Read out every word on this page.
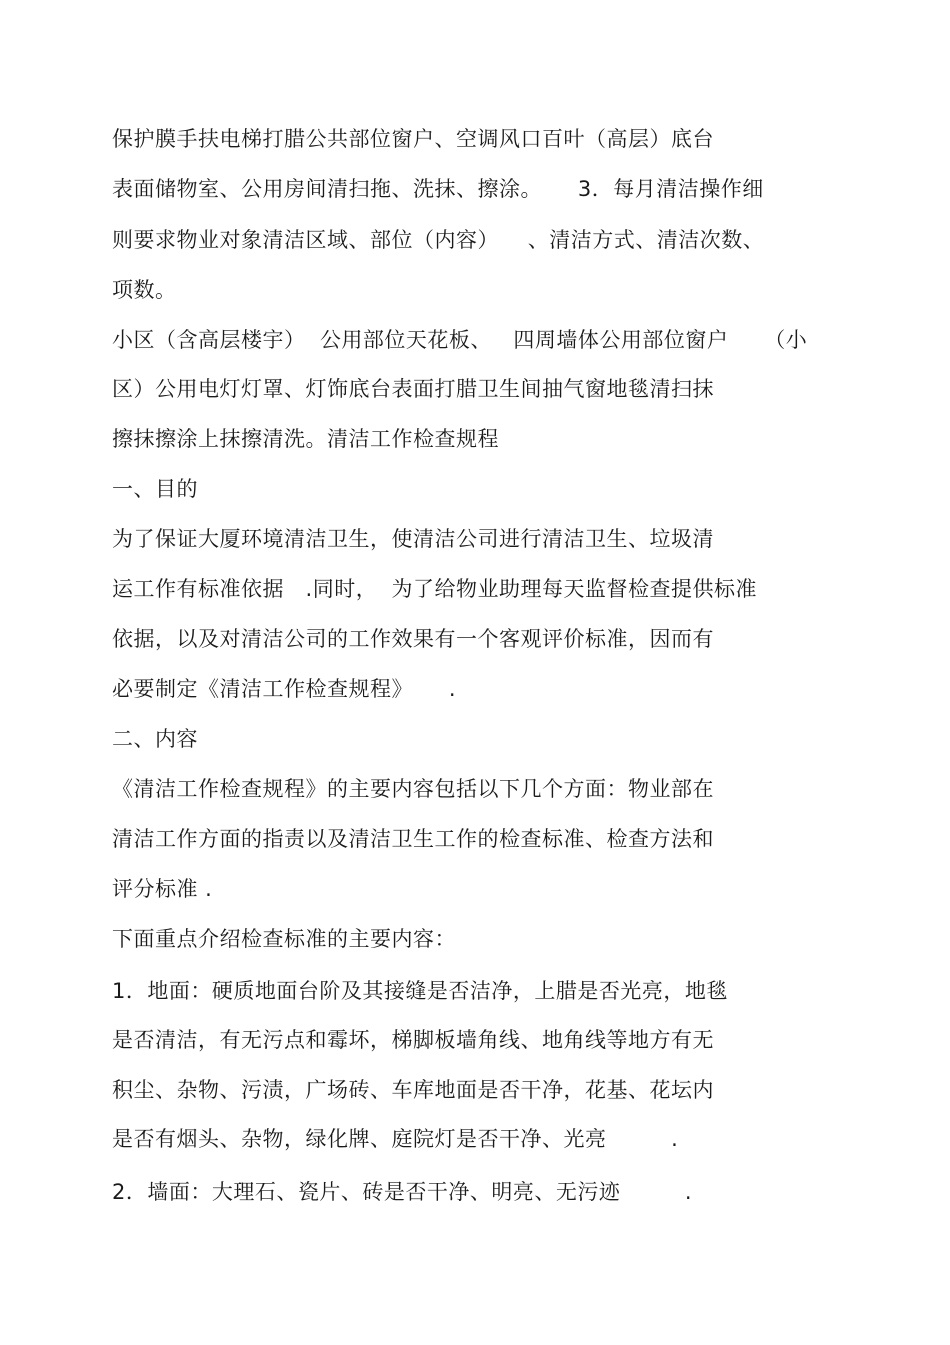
保护膜手扶电梯打腊公共部位窗户、空调风口百叶（高层）底台
表面储物室、公用房间清扫拖、洗抹、擦涂。     3．每月清洁操作细
则要求物业对象清洁区域、部位（内容）    、清洁方式、清洁次数、
项数。
小区（含高层楼宇）  公用部位天花板、   四周墙体公用部位窗户     （小
区）公用电灯灯罩、灯饰底台表面打腊卫生间抽气窗地毯清扫抹
擦抹擦涂上抹擦清洗。清洁工作检查规程
一、目的
为了保证大厦环境清洁卫生，使清洁公司进行清洁卫生、垃圾清
运工作有标准依据   .同时，  为了给物业助理每天监督检查提供标准
依据，以及对清洁公司的工作效果有一个客观评价标准，因而有
必要制定《清洁工作检查规程》     .
二、内容
《清洁工作检查规程》的主要内容包括以下几个方面：物业部在
清洁工作方面的指责以及清洁卫生工作的检查标准、检查方法和
评分标准 .
下面重点介绍检查标准的主要内容：
1．地面：硬质地面台阶及其接缝是否洁净，上腊是否光亮，地毯
是否清洁，有无污点和霉坏，梯脚板墙角线、地角线等地方有无
积尘、杂物、污渍，广场砖、车库地面是否干净，花基、花坛内
是否有烟头、杂物，绿化牌、庭院灯是否干净、光亮         .
2．墙面：大理石、瓷片、砖是否干净、明亮、无污迹         .
